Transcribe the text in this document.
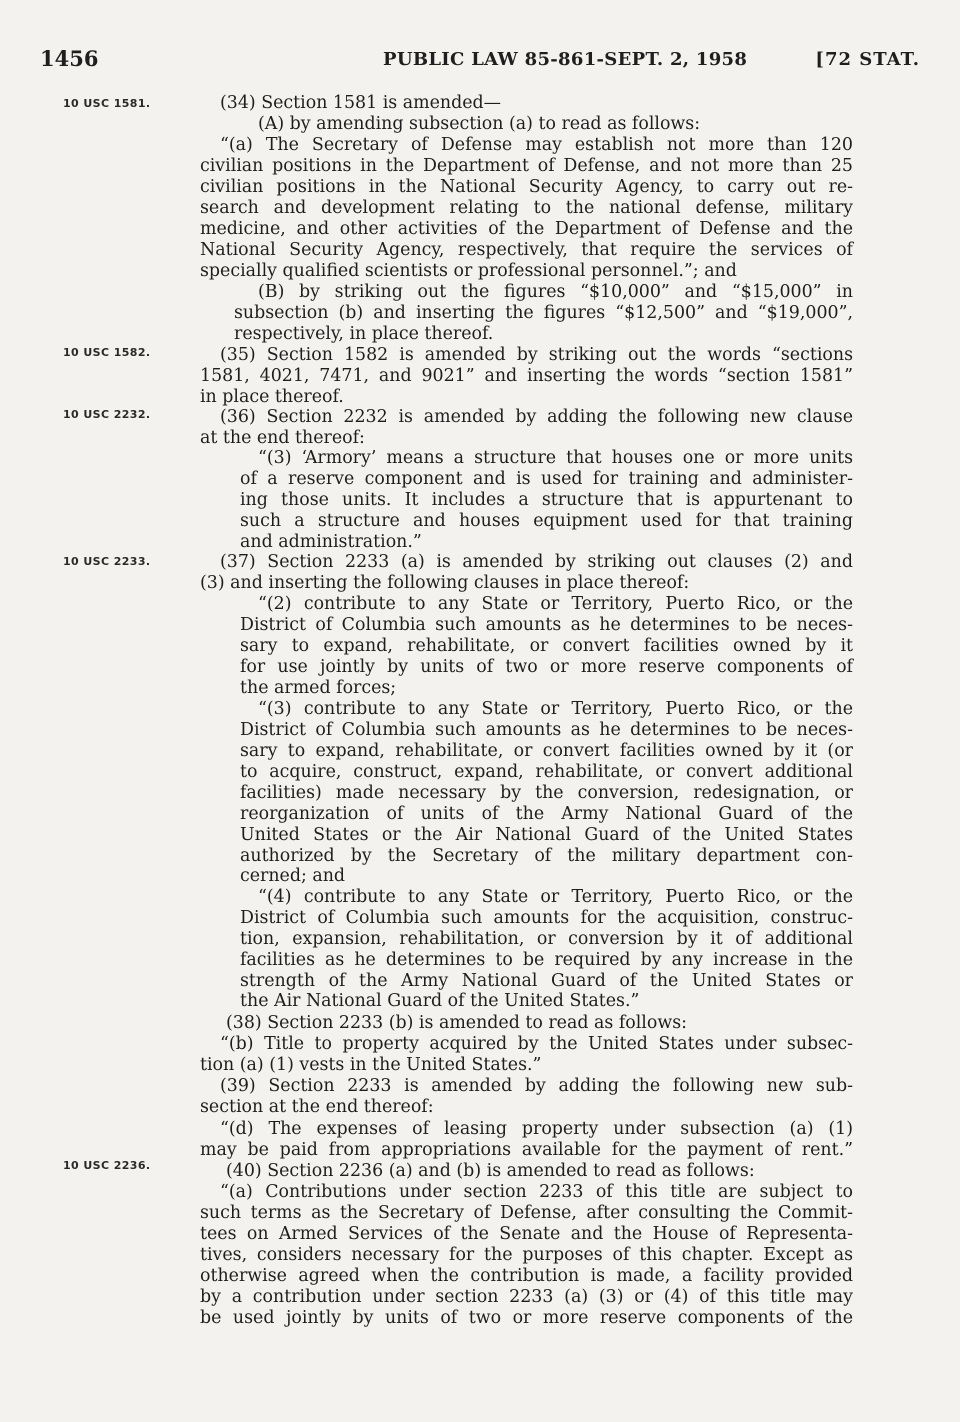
1456	PUBLIC LAW 85-861-SEPT. 2, 1958	[72 STAT.
10 USC 1581.
10 USC 1582.
10 USC 2232.
10 USC 2233.
10 USC 2236.
(34) Section 1581 is amended—
(A) by amending subsection (a) to read as follows:
“(a) The Secretary of Defense may establish not more than 120
civilian positions in the Department of Defense, and not more than 25
civilian positions in the National Security Agency, to carry out re-
search and development relating to the national defense, military
medicine, and other activities of the Department of Defense and the
National Security Agency, respectively, that require the services of
specially qualified scientists or professional personnel.”; and
(B) by striking out the figures “$10,000” and “$15,000” in
subsection (b) and inserting the figures “$12,500” and “$19,000”,
respectively, in place thereof.
(35) Section 1582 is amended by striking out the words “sections
1581, 4021, 7471, and 9021” and inserting the words “section 1581”
in place thereof.
(36) Section 2232 is amended by adding the following new clause
at the end thereof:
“(3) ‘Armory’ means a structure that houses one or more units
of a reserve component and is used for training and administer-
ing those units. It includes a structure that is appurtenant to
such a structure and houses equipment used for that training
and administration.”
(37) Section 2233 (a) is amended by striking out clauses (2) and
(3) and inserting the following clauses in place thereof:
“(2) contribute to any State or Territory, Puerto Rico, or the
District of Columbia such amounts as he determines to be neces-
sary to expand, rehabilitate, or convert facilities owned by it
for use jointly by units of two or more reserve components of
the armed forces;
“(3) contribute to any State or Territory, Puerto Rico, or the
District of Columbia such amounts as he determines to be neces-
sary to expand, rehabilitate, or convert facilities owned by it (or
to acquire, construct, expand, rehabilitate, or convert additional
facilities) made necessary by the conversion, redesignation, or
reorganization of units of the Army National Guard of the
United States or the Air National Guard of the United States
authorized by the Secretary of the military department con-
cerned; and
“(4) contribute to any State or Territory, Puerto Rico, or the
District of Columbia such amounts for the acquisition, construc-
tion, expansion, rehabilitation, or conversion by it of additional
facilities as he determines to be required by any increase in the
strength of the Army National Guard of the United States or
the Air National Guard of the United States.”
(38) Section 2233 (b) is amended to read as follows:
“(b) Title to property acquired by the United States under subsec-
tion (a) (1) vests in the United States.”
(39) Section 2233 is amended by adding the following new sub-
section at the end thereof:
“(d) The expenses of leasing property under subsection (a) (1)
may be paid from appropriations available for the payment of rent.”
(40) Section 2236 (a) and (b) is amended to read as follows:
“(a) Contributions under section 2233 of this title are subject to
such terms as the Secretary of Defense, after consulting the Commit-
tees on Armed Services of the Senate and the House of Representa-
tives, considers necessary for the purposes of this chapter. Except as
otherwise agreed when the contribution is made, a facility provided
by a contribution under section 2233 (a) (3) or (4) of this title may
be used jointly by units of two or more reserve components of the
